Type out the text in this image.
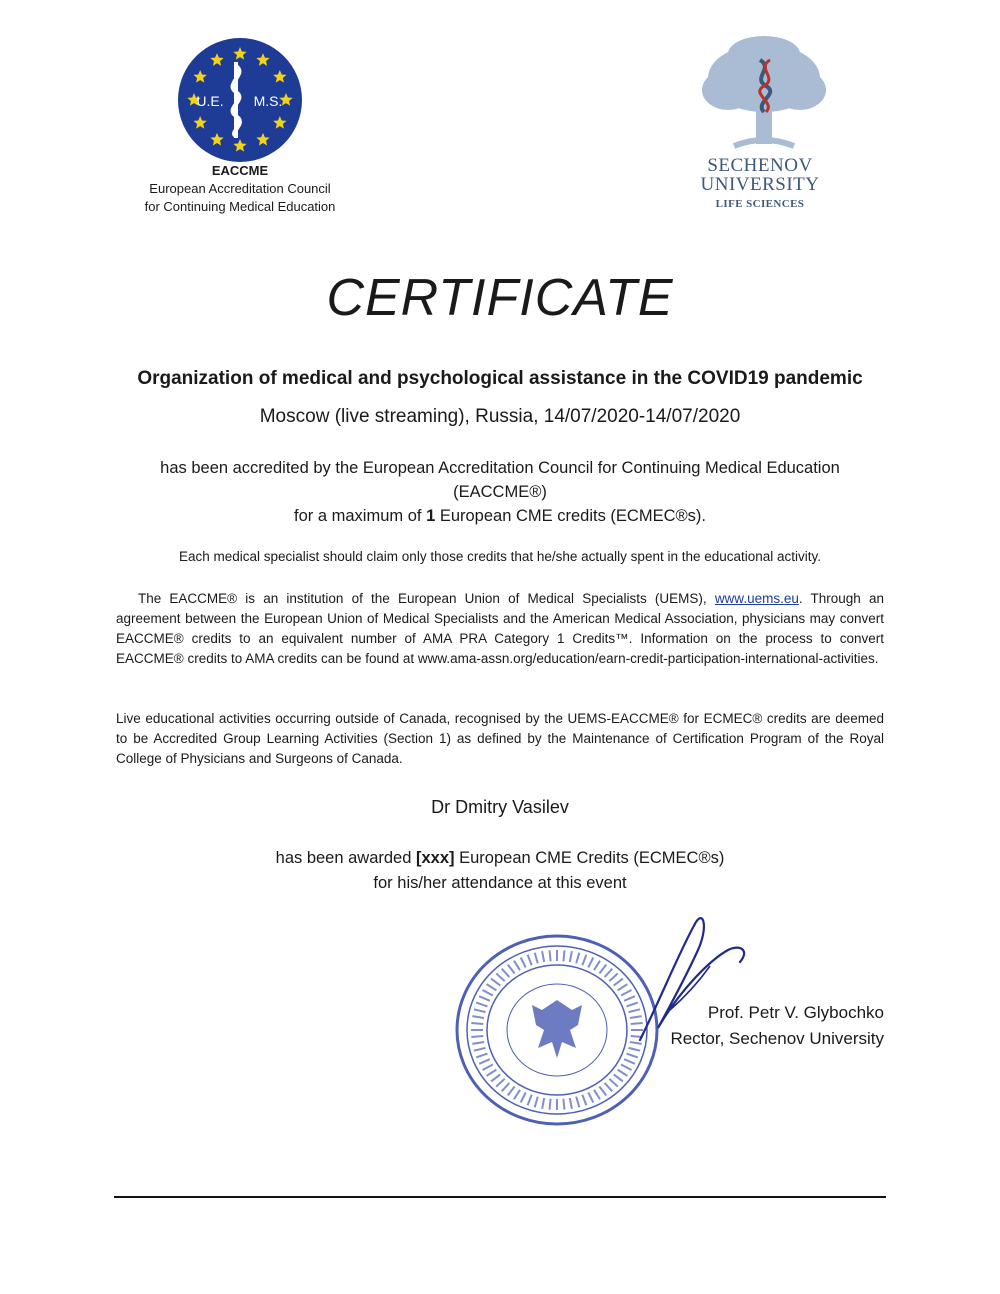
U.E. M.S.
EACCME
European Accreditation Council
for Continuing Medical Education
SECHENOV
UNIVERSITY
LIFE SCIENCES
CERTIFICATE
Organization of medical and psychological assistance in the COVID19 pandemic
Moscow (live streaming), Russia, 14/07/2020-14/07/2020
has been accredited by the European Accreditation Council for Continuing Medical Education
(EACCME®)
for a maximum of 1 European CME credits (ECMEC®s).
Each medical specialist should claim only those credits that he/she actually spent in the educational activity.
The EACCME® is an institution of the European Union of Medical Specialists (UEMS), www.uems.eu. Through an agreement between the European Union of Medical Specialists and the American Medical Association, physicians may convert EACCME® credits to an equivalent number of AMA PRA Category 1 Credits™. Information on the process to convert EACCME® credits to AMA credits can be found at www.ama-assn.org/education/earn-credit-participation-international-activities.
Live educational activities occurring outside of Canada, recognised by the UEMS-EACCME® for ECMEC® credits are deemed to be Accredited Group Learning Activities (Section 1) as defined by the Maintenance of Certification Program of the Royal College of Physicians and Surgeons of Canada.
Dr Dmitry Vasilev
has been awarded [xxx] European CME Credits (ECMEC®s)
for his/her attendance at this event
Prof. Petr V. Glybochko
Rector, Sechenov University
